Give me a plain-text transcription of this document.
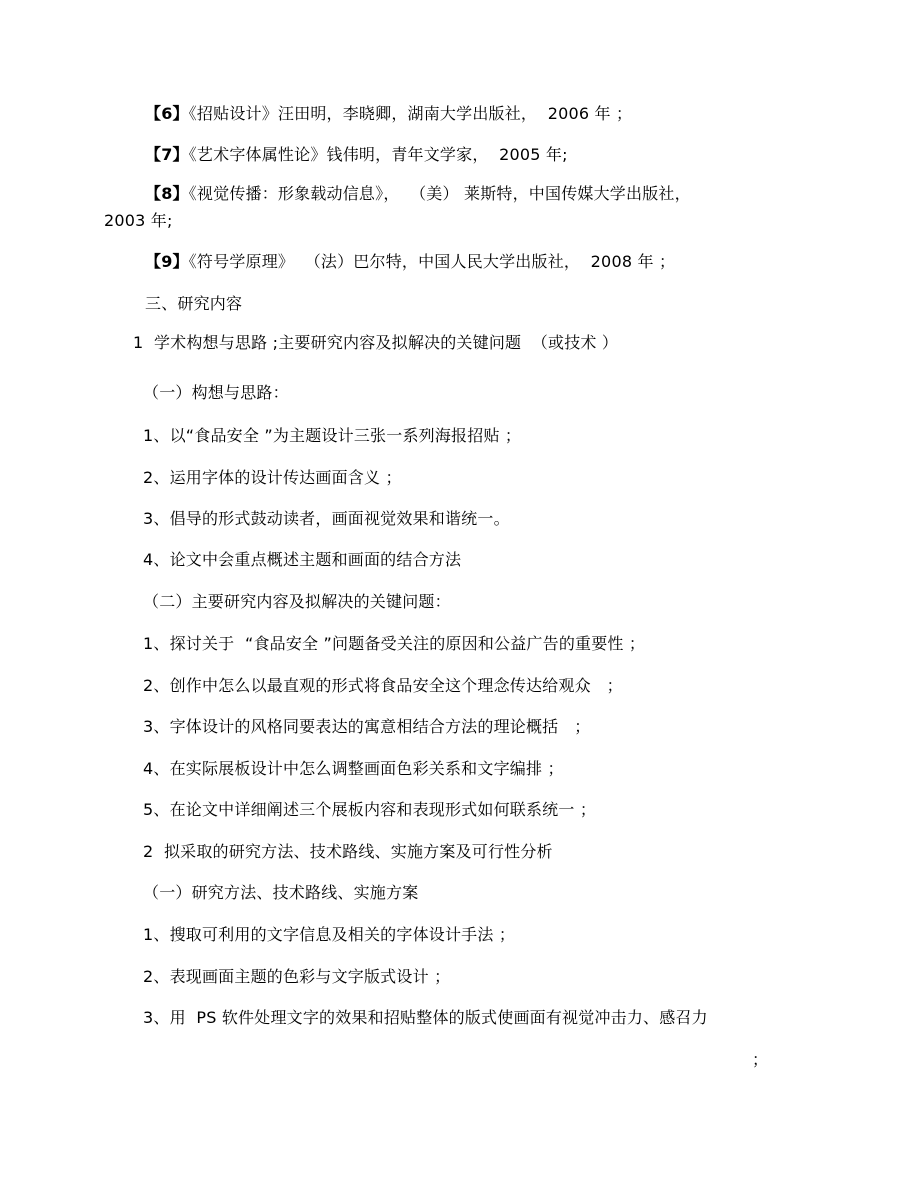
【6】《招贴设计》汪田明，李晓卿，湖南大学出版社，  2006 年 ；
【7】《艺术字体属性论》钱伟明，青年文学家，  2005 年;
【8】《视觉传播：形象载动信息》，  （美） 莱斯特，中国传媒大学出版社，
2003 年;
【9】《符号学原理》  （法）巴尔特，中国人民大学出版社，  2008 年 ；
三、研究内容
1  学术构想与思路 ;主要研究内容及拟解决的关键问题  （或技术 ）
（一）构想与思路：
1、以“食品安全 ”为主题设计三张一系列海报招贴 ；
2、运用字体的设计传达画面含义 ；
3、倡导的形式鼓动读者，画面视觉效果和谐统一。
4、论文中会重点概述主题和画面的结合方法
（二）主要研究内容及拟解决的关键问题：
1、探讨关于  “食品安全 ”问题备受关注的原因和公益广告的重要性 ；
2、创作中怎么以最直观的形式将食品安全这个理念传达给观众   ；
3、字体设计的风格同要表达的寓意相结合方法的理论概括   ；
4、在实际展板设计中怎么调整画面色彩关系和文字编排 ；
5、在论文中详细阐述三个展板内容和表现形式如何联系统一 ；
2  拟采取的研究方法、技术路线、实施方案及可行性分析
（一）研究方法、技术路线、实施方案
1、搜取可利用的文字信息及相关的字体设计手法 ；
2、表现画面主题的色彩与文字版式设计 ；
3、用  PS 软件处理文字的效果和招贴整体的版式使画面有视觉冲击力、感召力
；
